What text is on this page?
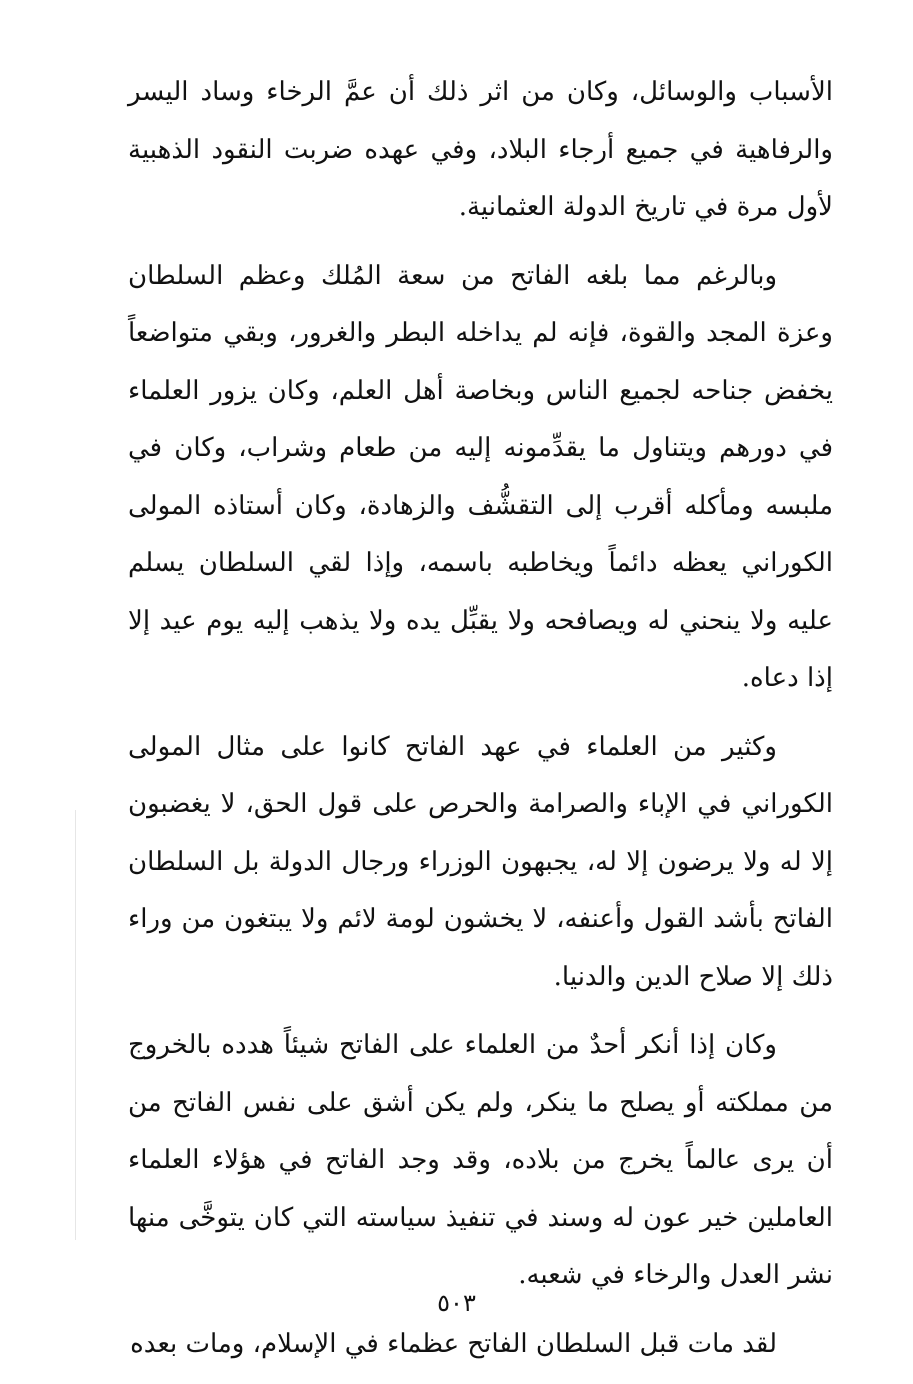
الأسباب والوسائل، وكان من اثر ذلك أن عمَّ الرخاء وساد اليسر والرفاهية في جميع أرجاء البلاد، وفي عهده ضربت النقود الذهبية لأول مرة في تاريخ الدولة العثمانية.

وبالرغم مما بلغه الفاتح من سعة المُلك وعظم السلطان وعزة المجد والقوة، فإنه لم يداخله البطر والغرور، وبقي متواضعاً يخفض جناحه لجميع الناس وبخاصة أهل العلم، وكان يزور العلماء في دورهم ويتناول ما يقدِّمونه إليه من طعام وشراب، وكان في ملبسه ومأكله أقرب إلى التقشُّف والزهادة، وكان أستاذه المولى الكوراني يعظه دائماً ويخاطبه باسمه، وإذا لقي السلطان يسلم عليه ولا ينحني له ويصافحه ولا يقبِّل يده ولا يذهب إليه يوم عيد إلا إذا دعاه.

وكثير من العلماء في عهد الفاتح كانوا على مثال المولى الكوراني في الإباء والصرامة والحرص على قول الحق، لا يغضبون إلا له ولا يرضون إلا له، يجبهون الوزراء ورجال الدولة بل السلطان الفاتح بأشد القول وأعنفه، لا يخشون لومة لائم ولا يبتغون من وراء ذلك إلا صلاح الدين والدنيا.

وكان إذا أنكر أحدٌ من العلماء على الفاتح شيئاً هدده بالخروج من مملكته أو يصلح ما ينكر، ولم يكن أشق على نفس الفاتح من أن يرى عالماً يخرج من بلاده، وقد وجد الفاتح في هؤلاء العلماء العاملين خير عون له وسند في تنفيذ سياسته التي كان يتوخَّى منها نشر العدل والرخاء في شعبه.

لقد مات قبل السلطان الفاتح عظماء في الإسلام، ومات بعده

٥٠٣
